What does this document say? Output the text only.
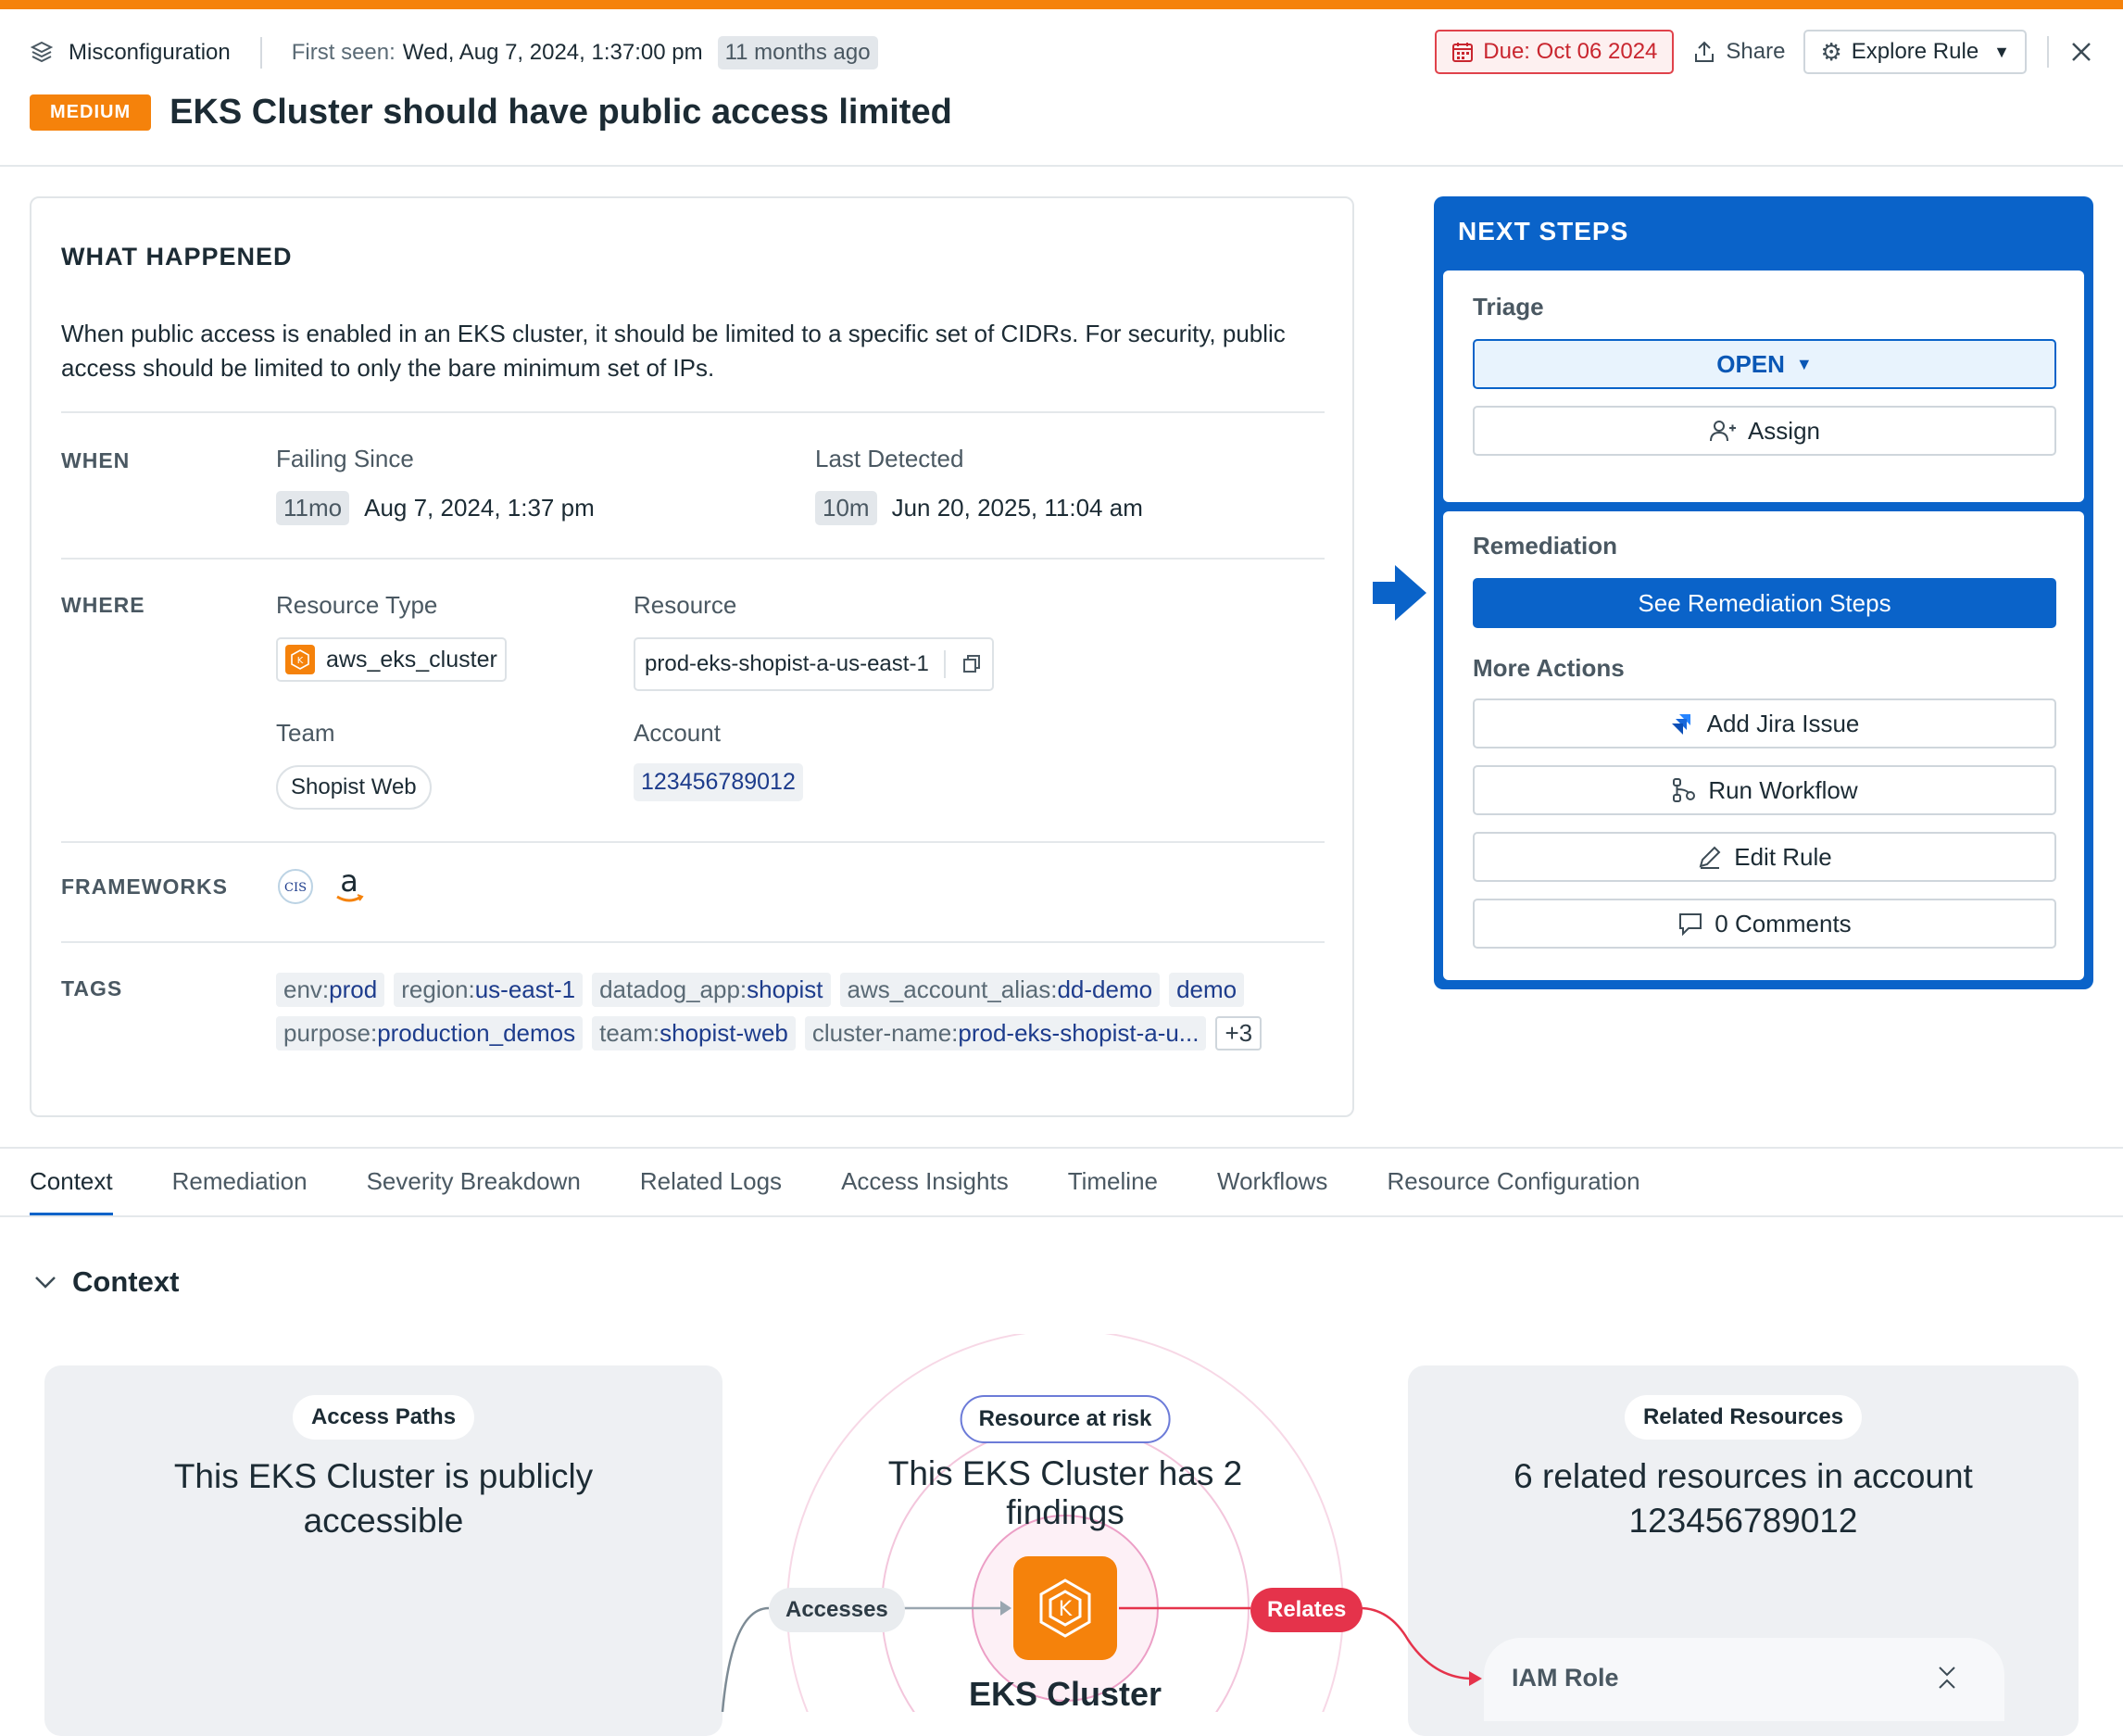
Misconfiguration	First seen: Wed, Aug 7, 2024, 1:37:00 pm	11 months ago	Due: Oct 06 2024	Share ⚙ Explore Rule ▼
MEDIUM	EKS Cluster should have public access limited
WHAT HAPPENED
When public access is enabled in an EKS cluster, it should be limited to a specific set of CIDRs. For security, public access should be limited to only the bare minimum set of IPs.
WHEN	Failing Since
11mo Aug 7, 2024, 1:37 pm
Last Detected
10m Jun 20, 2025, 11:04 am
WHERE	Resource Type
K aws_eks_cluster
Resource
prod-eks-shopist-a-us-east-1
Team
Shopist Web
Account
123456789012
FRAMEWORKS	CIS a
TAGS	env:prod	region:us-east-1	datadog_app:shopist	aws_account_alias:dd-demo	demo
purpose:production_demos	team:shopist-web	cluster-name:prod-eks-shopist-a-u...	+3
NEXT STEPS
Triage
OPEN ▼
Assign
Remediation
See Remediation Steps
More Actions
Add Jira Issue
Run Workflow
Edit Rule
0 Comments
Context Remediation Severity Breakdown Related Logs Access Insights Timeline Workflows Resource Configuration
Context
Access Paths
This EKS Cluster is publicly accessible
Related Resources
6 related resources in account 123456789012
Resource at risk
This EKS Cluster has 2 findings
K
EKS Cluster
Accesses	Relates
IAM Role
